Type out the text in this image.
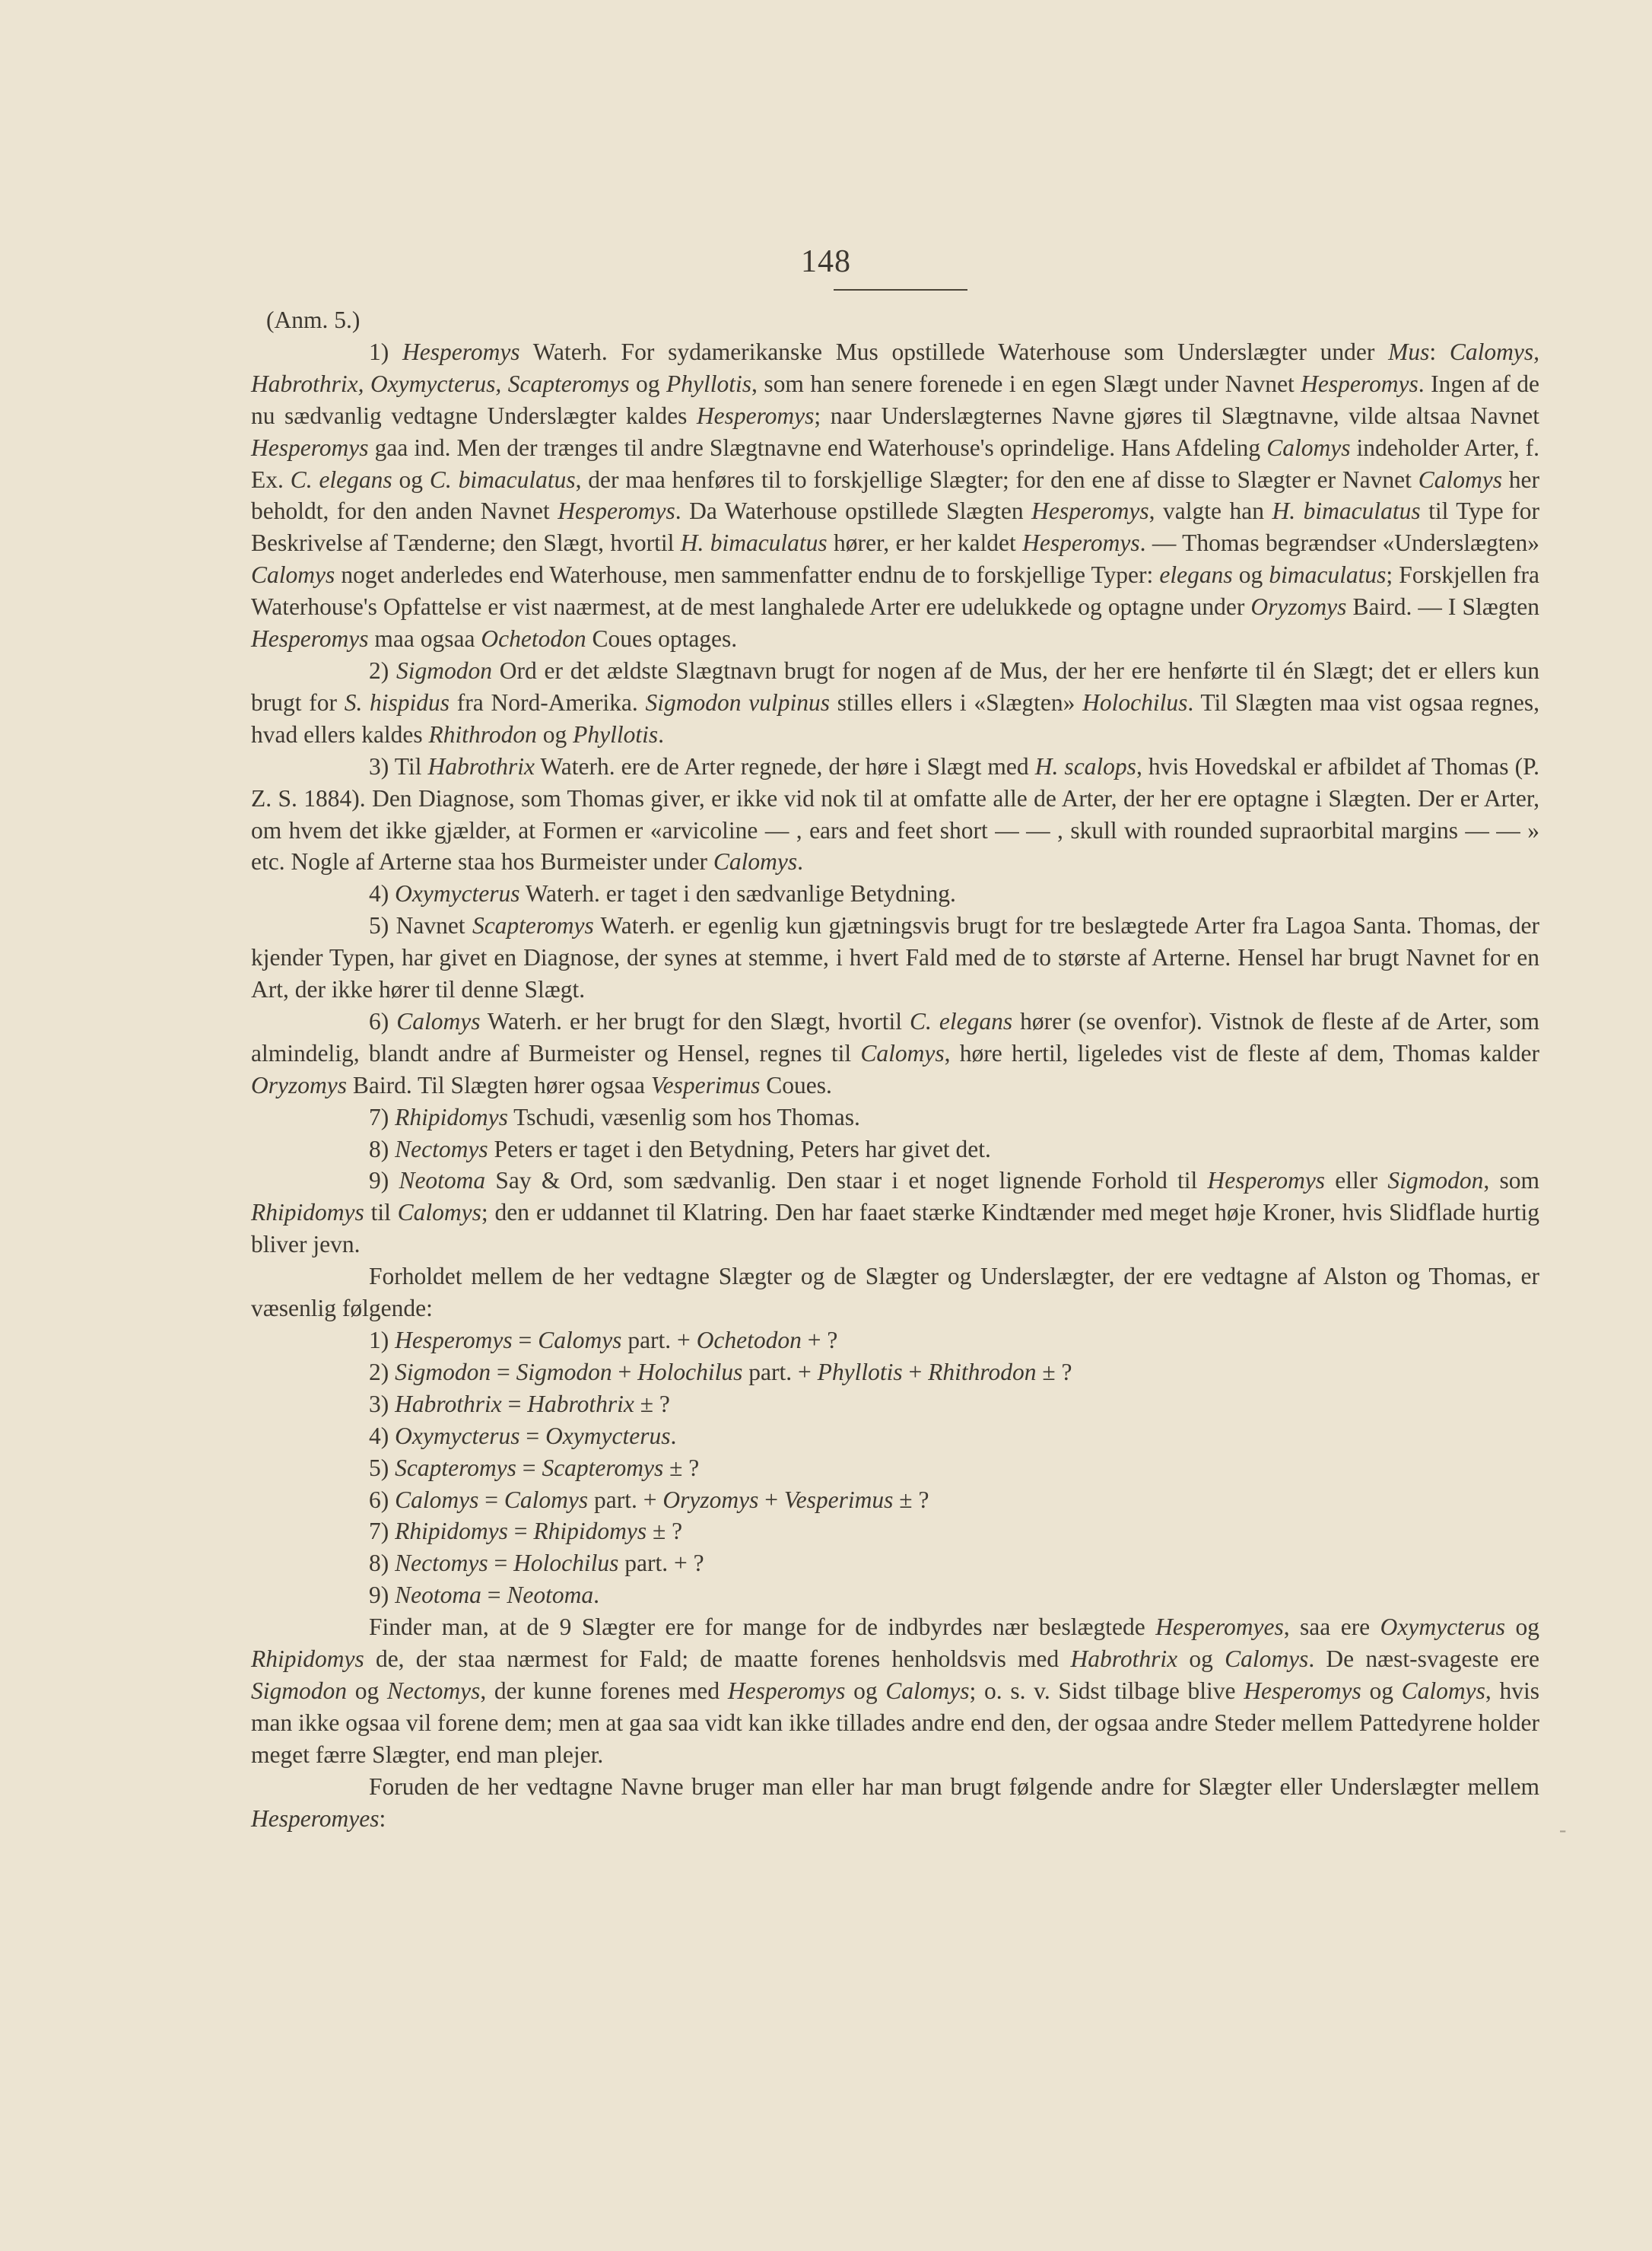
148
-
(Anm. 5.)

1) Hesperomys Waterh. For sydamerikanske Mus opstillede Waterhouse som Underslægter under Mus: Calomys, Habrothrix, Oxymycterus, Scapteromys og Phyllotis, som han senere forenede i en egen Slægt under Navnet Hesperomys. Ingen af de nu sædvanlig vedtagne Underslægter kaldes Hesperomys; naar Underslægternes Navne gjøres til Slægtnavne, vilde altsaa Navnet Hesperomys gaa ind. Men der trænges til andre Slægtnavne end Waterhouse's oprindelige. Hans Afdeling Calomys indeholder Arter, f. Ex. C. elegans og C. bimaculatus, der maa henføres til to forskjellige Slægter; for den ene af disse to Slægter er Navnet Calomys her beholdt, for den anden Navnet Hesperomys. Da Waterhouse opstillede Slægten Hesperomys, valgte han H. bimaculatus til Type for Beskrivelse af Tænderne; den Slægt, hvortil H. bimaculatus hører, er her kaldet Hesperomys. — Thomas begrændser «Underslægten» Calomys noget anderledes end Waterhouse, men sammenfatter endnu de to forskjellige Typer: elegans og bimaculatus; Forskjellen fra Waterhouse's Opfattelse er vist naærmest, at de mest langhalede Arter ere udelukkede og optagne under Oryzomys Baird. — I Slægten Hesperomys maa ogsaa Ochetodon Coues optages.

2) Sigmodon Ord er det ældste Slægtnavn brugt for nogen af de Mus, der her ere henførte til én Slægt; det er ellers kun brugt for S. hispidus fra Nord-Amerika. Sigmodon vulpinus stilles ellers i «Slægten» Holochilus. Til Slægten maa vist ogsaa regnes, hvad ellers kaldes Rhithrodon og Phyllotis.

3) Til Habrothrix Waterh. ere de Arter regnede, der høre i Slægt med H. scalops, hvis Hovedskal er afbildet af Thomas (P. Z. S. 1884). Den Diagnose, som Thomas giver, er ikke vid nok til at omfatte alle de Arter, der her ere optagne i Slægten. Der er Arter, om hvem det ikke gjælder, at Formen er «arvicoline — , ears and feet short — — , skull with rounded supraorbital margins — — » etc. Nogle af Arterne staa hos Burmeister under Calomys.

4) Oxymycterus Waterh. er taget i den sædvanlige Betydning.

5) Navnet Scapteromys Waterh. er egenlig kun gjætningsvis brugt for tre beslægtede Arter fra Lagoa Santa. Thomas, der kjender Typen, har givet en Diagnose, der synes at stemme, i hvert Fald med de to største af Arterne. Hensel har brugt Navnet for en Art, der ikke hører til denne Slægt.

6) Calomys Waterh. er her brugt for den Slægt, hvortil C. elegans hører (se ovenfor). Vistnok de fleste af de Arter, som almindelig, blandt andre af Burmeister og Hensel, regnes til Calomys, høre hertil, ligeledes vist de fleste af dem, Thomas kalder Oryzomys Baird. Til Slægten hører ogsaa Vesperimus Coues.

7) Rhipidomys Tschudi, væsenlig som hos Thomas.

8) Nectomys Peters er taget i den Betydning, Peters har givet det.

9) Neotoma Say & Ord, som sædvanlig. Den staar i et noget lignende Forhold til Hesperomys eller Sigmodon, som Rhipidomys til Calomys; den er uddannet til Klatring. Den har faaet stærke Kindtænder med meget høje Kroner, hvis Slidflade hurtig bliver jevn.

Forholdet mellem de her vedtagne Slægter og de Slægter og Underslægter, der ere vedtagne af Alston og Thomas, er væsenlig følgende:

1) Hesperomys = Calomys part. + Ochetodon + ?

2) Sigmodon = Sigmodon + Holochilus part. + Phyllotis + Rhithrodon ± ?

3) Habrothrix = Habrothrix ± ?

4) Oxymycterus = Oxymycterus.

5) Scapteromys = Scapteromys ± ?

6) Calomys = Calomys part. + Oryzomys + Vesperimus ± ?

7) Rhipidomys = Rhipidomys ± ?

8) Nectomys = Holochilus part. + ?

9) Neotoma = Neotoma.

Finder man, at de 9 Slægter ere for mange for de indbyrdes nær beslægtede Hesperomyes, saa ere Oxymycterus og Rhipidomys de, der staa nærmest for Fald; de maatte forenes henholdsvis med Habrothrix og Calomys. De næst-svageste ere Sigmodon og Nectomys, der kunne forenes med Hesperomys og Calomys; o. s. v. Sidst tilbage blive Hesperomys og Calomys, hvis man ikke ogsaa vil forene dem; men at gaa saa vidt kan ikke tillades andre end den, der ogsaa andre Steder mellem Pattedyrene holder meget færre Slægter, end man plejer.

Foruden de her vedtagne Navne bruger man eller har man brugt følgende andre for Slægter eller Underslægter mellem Hesperomyes:
